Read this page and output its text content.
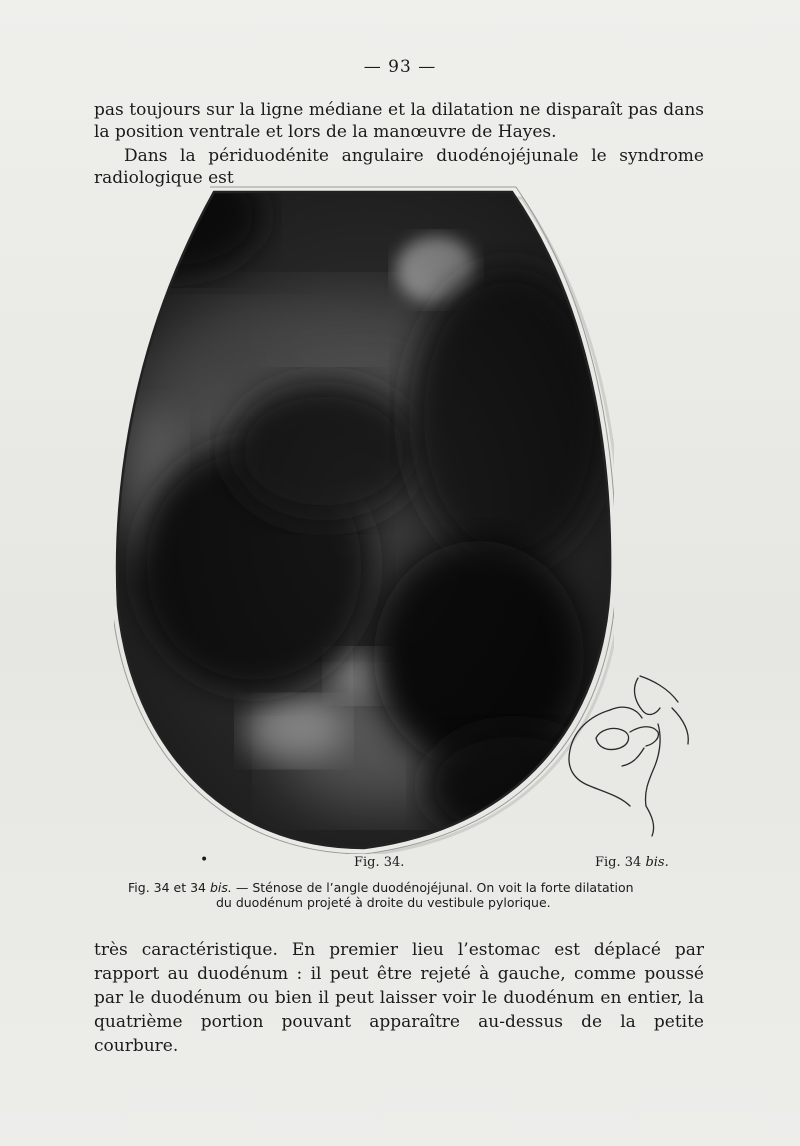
— 93 —
pas toujours sur la ligne médiane et la dilatation ne disparaît pas dans la position ventrale et lors de la manœuvre de Hayes.
Dans la périduodénite angulaire duodénojéjunale le syndrome radiologique est
•	Fig. 34.	Fig. 34 bis.
Fig. 34 et 34 bis. — Sténose de l’angle duodénojéjunal. On voit la forte dilatation
du duodénum projeté à droite du vestibule pylorique.
très caractéristique. En premier lieu l’estomac est déplacé par rapport au duodénum : il peut être rejeté à gauche, comme poussé par le duodénum ou bien il peut laisser voir le duodénum en entier, la quatrième portion pouvant apparaître au-dessus de la petite courbure.
